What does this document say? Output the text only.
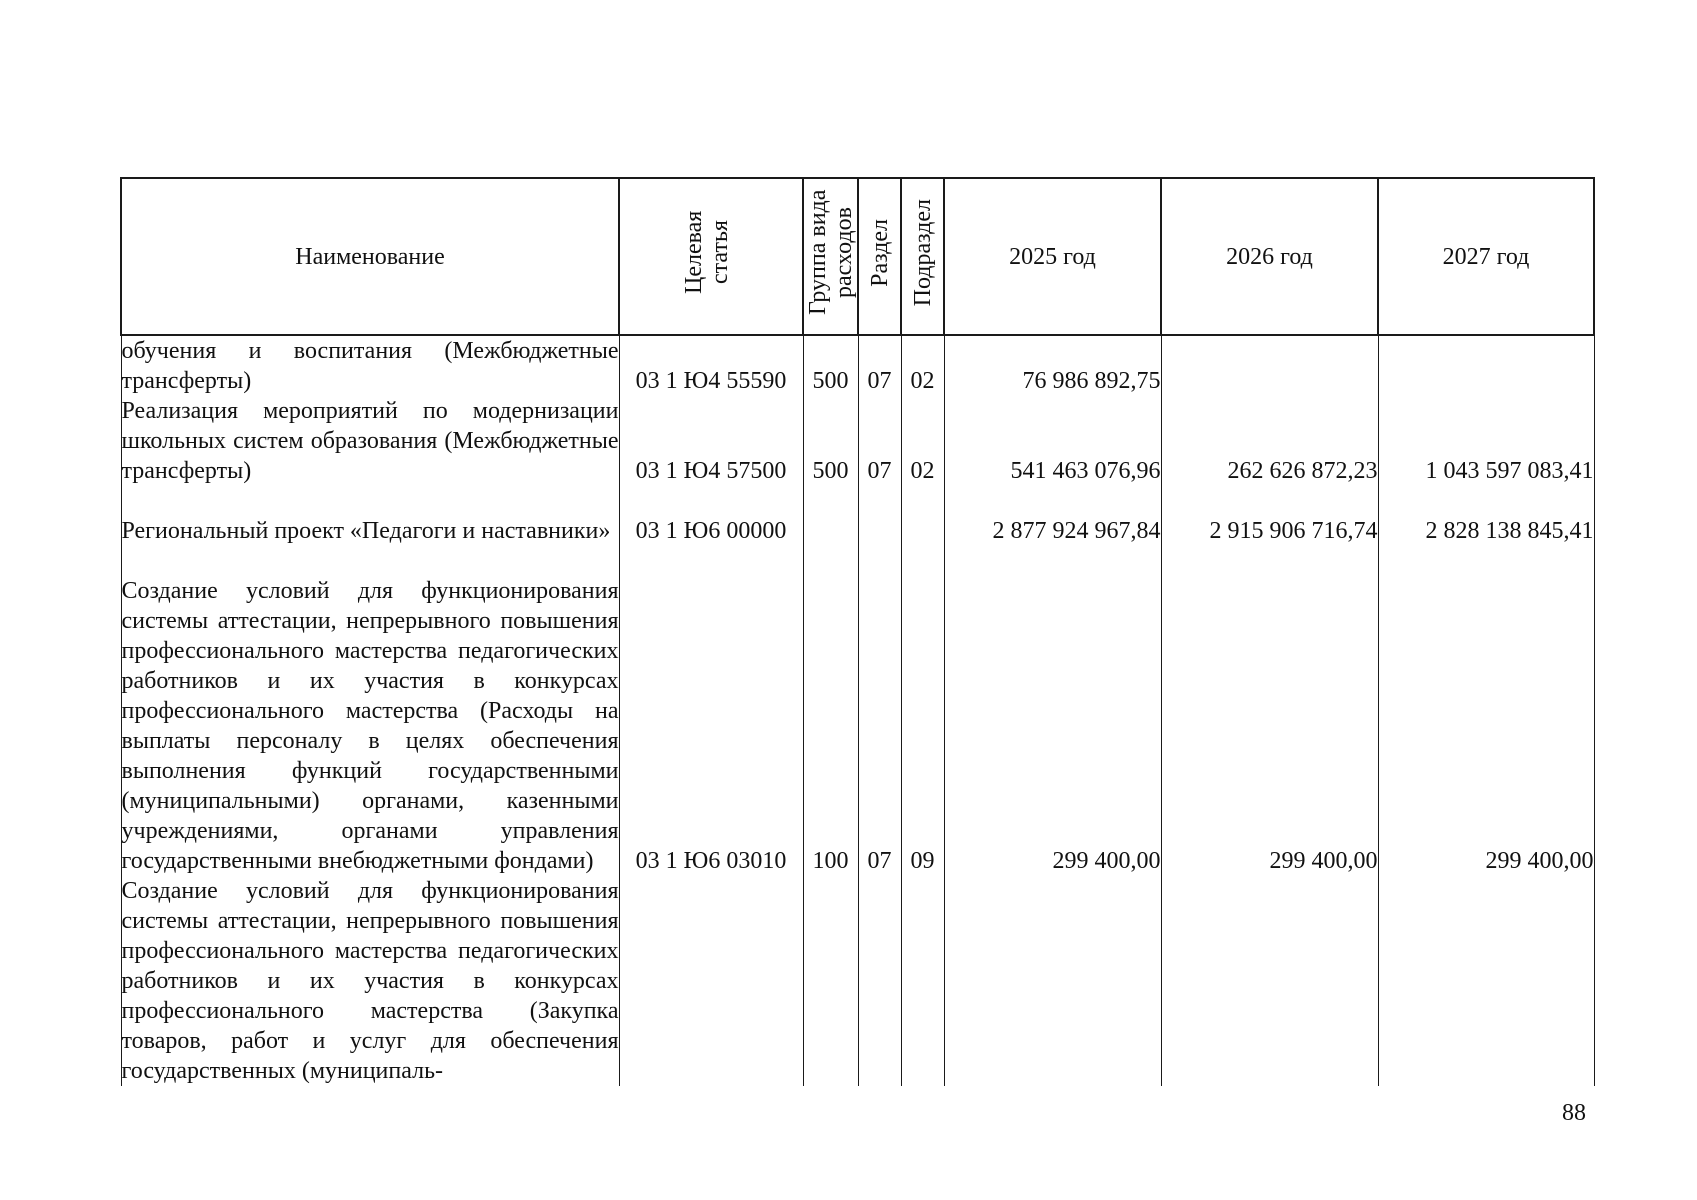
Наименование	Целевая статья	Группа вида расходов	Раздел	Подраздел	2025 год	2026 год	2027 год
обучения и воспитания (Межбюджетные трансферты)	03 1 Ю4 55590	500	07	02	76 986 892,75		
Реализация мероприятий по модернизации школьных систем образования (Межбюджетные трансферты)	03 1 Ю4 57500	500	07	02	541 463 076,96	262 626 872,23	1 043 597 083,41
Региональный проект «Педагоги и наставники»	03 1 Ю6 00000				2 877 924 967,84	2 915 906 716,74	2 828 138 845,41
Создание условий для функционирования системы аттестации, непрерывного повышения профессионального мастерства педагогических работников и их участия в конкурсах профессионального мастерства (Расходы на выплаты персоналу в целях обеспечения выполнения функций государственными (муниципальными) органами, казенными учреждениями, органами управления государственными внебюджетными фондами)	03 1 Ю6 03010	100	07	09	299 400,00	299 400,00	299 400,00
Создание условий для функционирования системы аттестации, непрерывного повышения профессионального мастерства педагогических работников и их участия в конкурсах профессионального мастерства (Закупка товаров, работ и услуг для обеспечения государственных (муниципаль-							
88
